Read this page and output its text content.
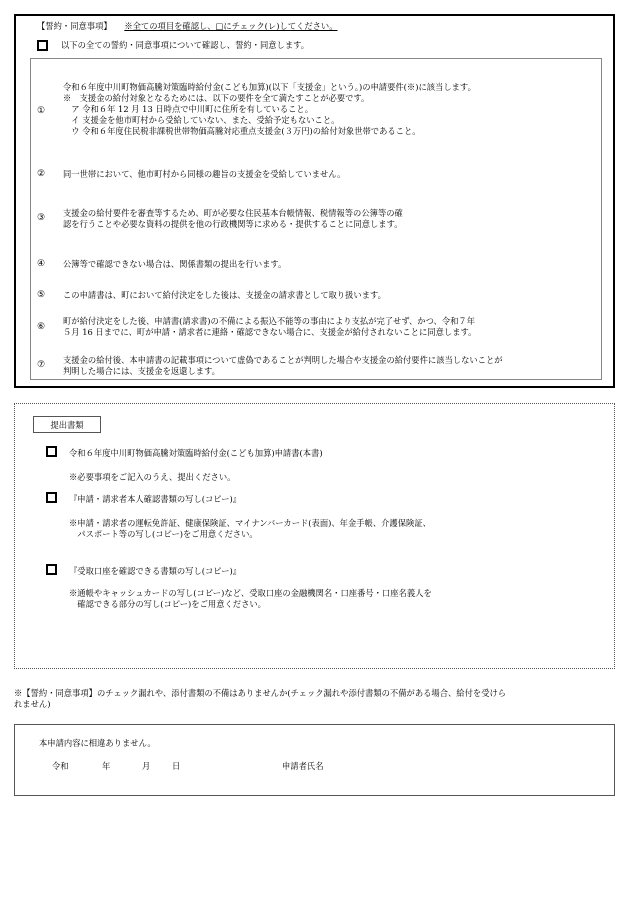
【誓約・同意事項】 ※全ての項目を確認し、□にチェック(レ)してください。
以下の全ての誓約・同意事項について確認し、誓約・同意します。
①
令和６年度中川町物価高騰対策臨時給付金(こども加算)(以下「支援金」という。)の申請要件(※)に該当します。
※　支援金の給付対象となるためには、以下の要件を全て満たすことが必要です。
　ア 令和６年 12 月 13 日時点で中川町に住所を有していること。
　イ 支援金を他市町村から受給していない、また、受給予定もないこと。
　ウ 令和６年度住民税非課税世帯物価高騰対応重点支援金(３万円)の給付対象世帯であること。
② 同一世帯において、他市町村から同様の趣旨の支援金を受給していません。
③ 支援金の給付要件を審査等するため、町が必要な住民基本台帳情報、税情報等の公簿等の確
認を行うことや必要な資料の提供を他の行政機関等に求める・提供することに同意します。
④ 公簿等で確認できない場合は、関係書類の提出を行います。
⑤ この申請書は、町において給付決定をした後は、支援金の請求書として取り扱います。
⑥
町が給付決定をした後、申請書(請求書)の不備による振込不能等の事由により支払が完了せず、かつ、令和７年
５月 16 日までに、町が申請・請求者に連絡・確認できない場合に、支援金が給付されないことに同意します。
⑦ 支援金の給付後、本申請書の記載事項について虚偽であることが判明した場合や支援金の給付要件に該当しないことが
判明した場合には、支援金を返還します。
提出書類
令和６年度中川町物価高騰対策臨時給付金(こども加算)申請書(本書)
※必要事項をご記入のうえ、提出ください。
『申請・請求者本人確認書類の写し(コピー)』
※申請・請求者の運転免許証、健康保険証、マイナンバーカード(表面)、年金手帳、介護保険証、
　パスポート等の写し(コピー)をご用意ください。
『受取口座を確認できる書類の写し(コピー)』
※通帳やキャッシュカードの写し(コピー)など、受取口座の金融機関名・口座番号・口座名義人を
　確認できる部分の写し(コピー)をご用意ください。
※【誓約・同意事項】のチェック漏れや、添付書類の不備はありませんか(チェック漏れや添付書類の不備がある場合、給付を受けら
れません)
本申請内容に相違ありません。
令和	年	月	日	申請者氏名
